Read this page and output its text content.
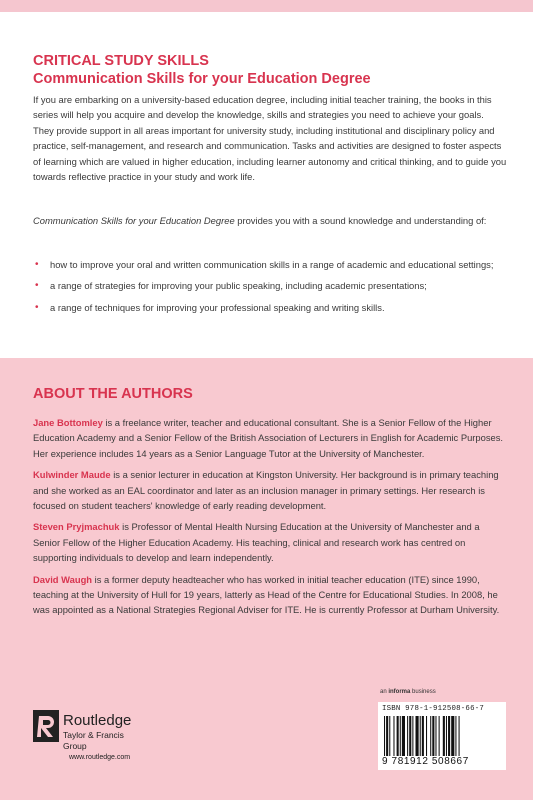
CRITICAL STUDY SKILLS
Communication Skills for your Education Degree

If you are embarking on a university-based education degree, including initial teacher training, the books in this series will help you acquire and develop the knowledge, skills and strategies you need to achieve your goals. They provide support in all areas important for university study, including institutional and disciplinary policy and practice, self-management, and research and communication. Tasks and activities are designed to foster aspects of learning which are valued in higher education, including learner autonomy and critical thinking, and to guide you towards reflective practice in your study and work life.

Communication Skills for your Education Degree provides you with a sound knowledge and understanding of:

• how to improve your oral and written communication skills in a range of academic and educational settings;
• a range of strategies for improving your public speaking, including academic presentations;
• a range of techniques for improving your professional speaking and writing skills.
ABOUT THE AUTHORS

Jane Bottomley is a freelance writer, teacher and educational consultant. She is a Senior Fellow of the Higher Education Academy and a Senior Fellow of the British Association of Lecturers in English for Academic Purposes. Her experience includes 14 years as a Senior Language Tutor at the University of Manchester.

Kulwinder Maude is a senior lecturer in education at Kingston University. Her background is in primary teaching and she worked as an EAL coordinator and later as an inclusion manager in primary settings. Her research is focused on student teachers' knowledge of early reading development.

Steven Pryjmachuk is Professor of Mental Health Nursing Education at the University of Manchester and a Senior Fellow of the Higher Education Academy. His teaching, clinical and research work has centred on supporting individuals to develop and learn independently.

David Waugh is a former deputy headteacher who has worked in initial teacher education (ITE) since 1990, teaching at the University of Hull for 19 years, latterly as Head of the Centre for Educational Studies. In 2008, he was appointed as a National Strategies Regional Adviser for ITE. He is currently Professor at Durham University.

an informa business
ISBN 978-1-912508-66-7
9 781912 508667
Routledge
Taylor & Francis Group
www.routledge.com
